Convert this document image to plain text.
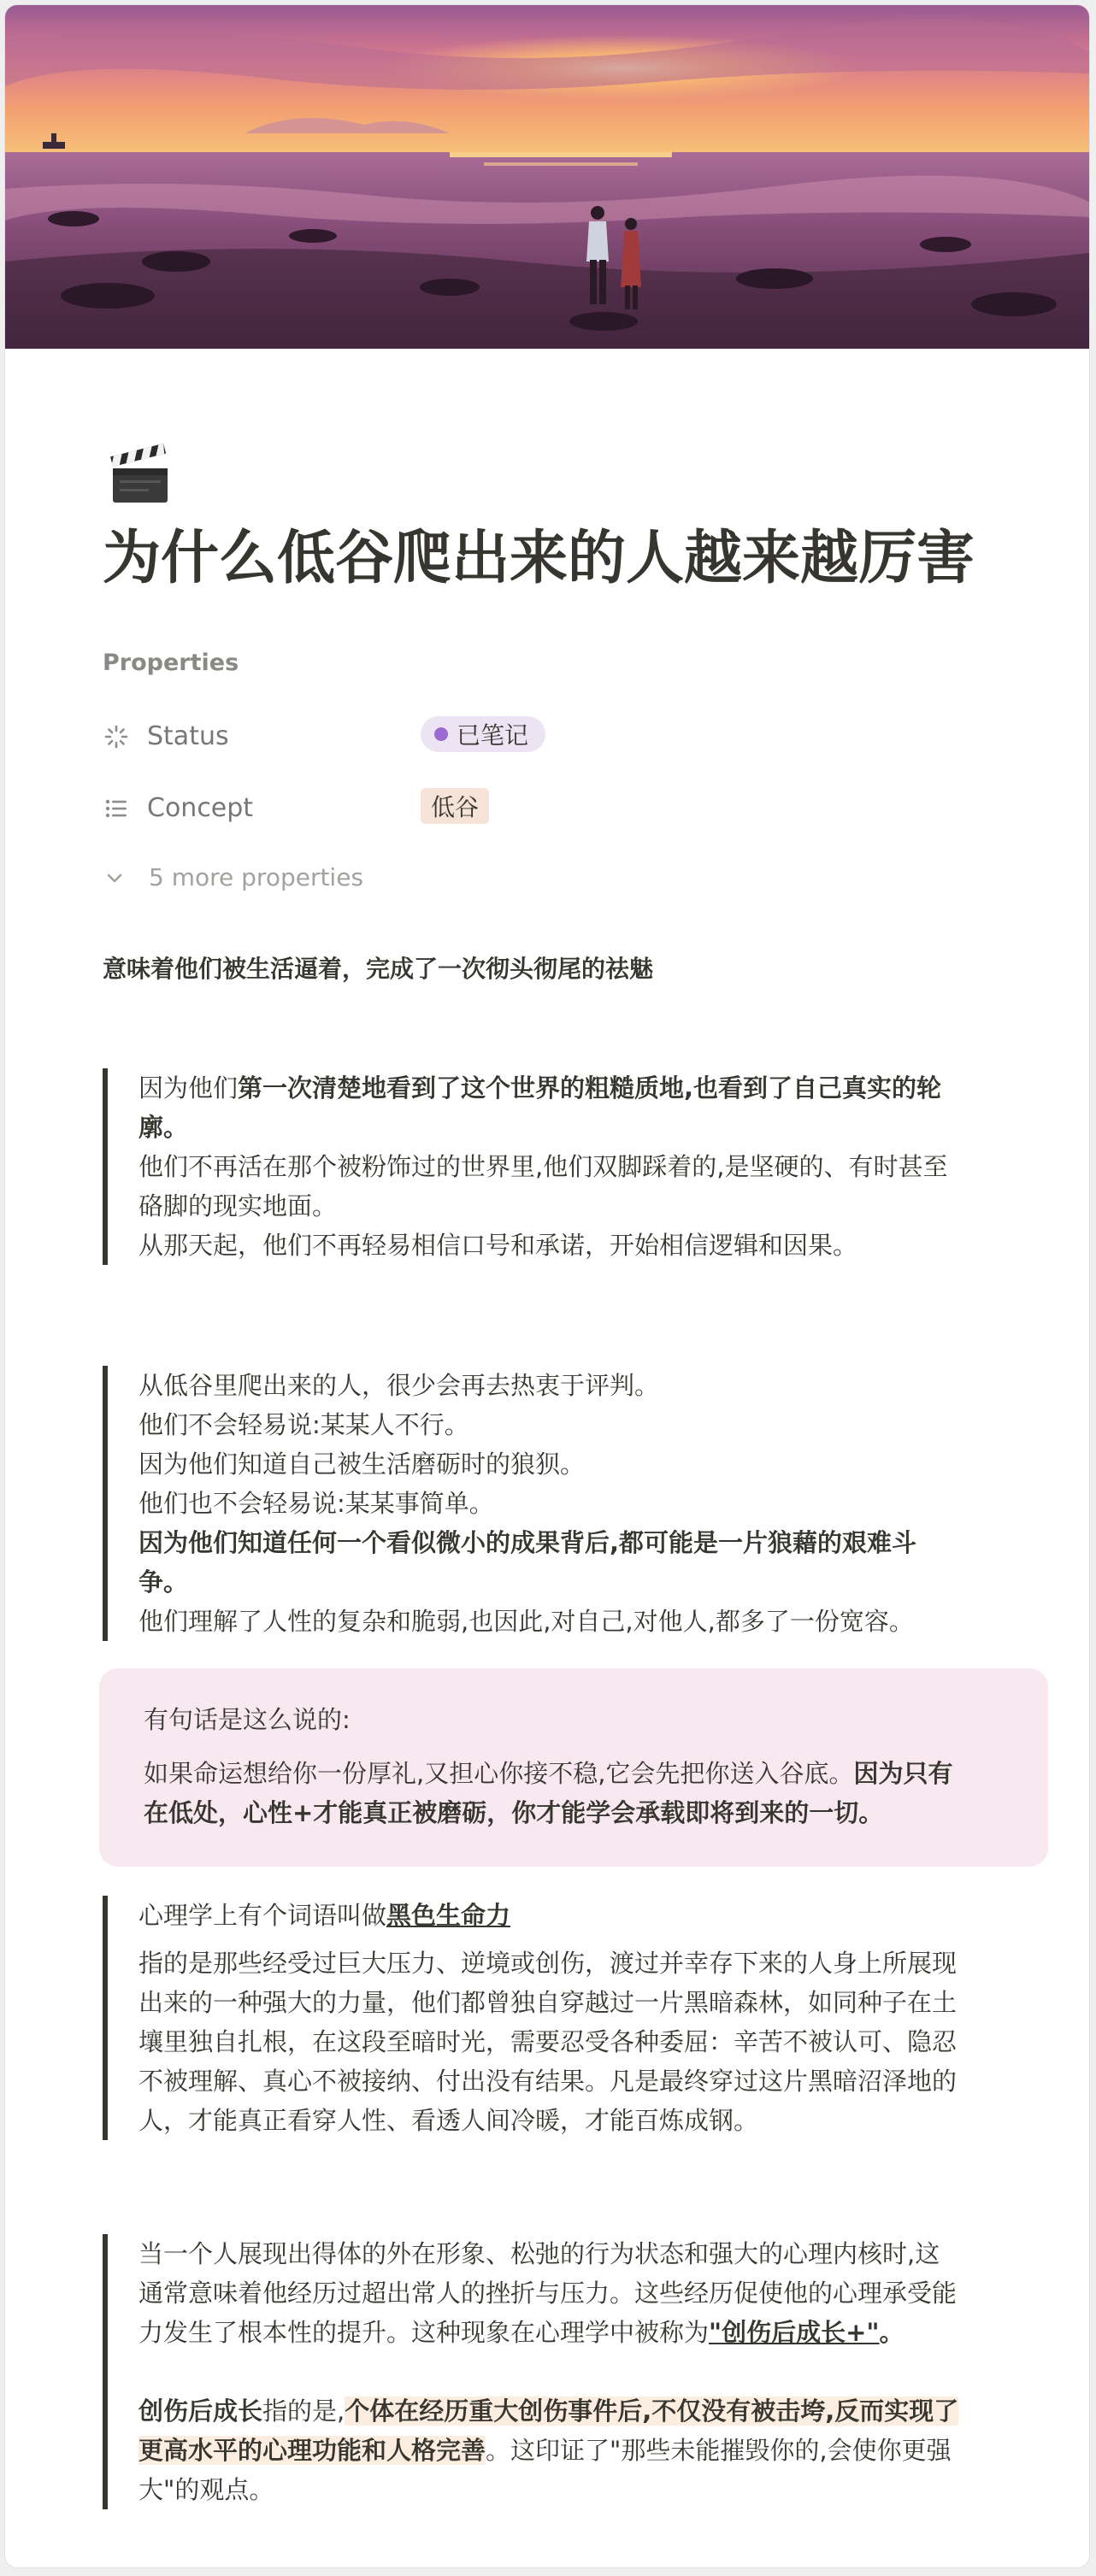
为什么低谷爬出来的人越来越厉害
Properties
Status	已笔记
Concept	低谷
5 more properties

意味着他们被生活逼着，完成了一次彻头彻尾的祛魅

因为他们第一次清楚地看到了这个世界的粗糙质地,也看到了自己真实的轮

廓。

他们不再活在那个被粉饰过的世界里,他们双脚踩着的,是坚硬的、有时甚至

硌脚的现实地面。

从那天起，他们不再轻易相信口号和承诺，开始相信逻辑和因果。

从低谷里爬出来的人，很少会再去热衷于评判。

他们不会轻易说:某某人不行。

因为他们知道自己被生活磨砺时的狼狈。

他们也不会轻易说:某某事简单。

因为他们知道任何一个看似微小的成果背后,都可能是一片狼藉的艰难斗

争。

他们理解了人性的复杂和脆弱,也因此,对自己,对他人,都多了一份宽容。

有句话是这么说的:
如果命运想给你一份厚礼,又担心你接不稳,它会先把你送入谷底。因为只有
在低处，心性+才能真正被磨砺，你才能学会承载即将到来的一切。

心理学上有个词语叫做黑色生命力

指的是那些经受过巨大压力、逆境或创伤，渡过并幸存下来的人身上所展现

出来的一种强大的力量，他们都曾独自穿越过一片黑暗森林，如同种子在土

壤里独自扎根，在这段至暗时光，需要忍受各种委屈：辛苦不被认可、隐忍

不被理解、真心不被接纳、付出没有结果。凡是最终穿过这片黑暗沼泽地的

人，才能真正看穿人性、看透人间冷暖，才能百炼成钢。

当一个人展现出得体的外在形象、松弛的行为状态和强大的心理内核时,这

通常意味着他经历过超出常人的挫折与压力。这些经历促使他的心理承受能

力发生了根本性的提升。这种现象在心理学中被称为"创伤后成长+"。

创伤后成长指的是,个体在经历重大创伤事件后,不仅没有被击垮,反而实现了

更高水平的心理功能和人格完善。这印证了"那些未能摧毁你的,会使你更强

大"的观点。
